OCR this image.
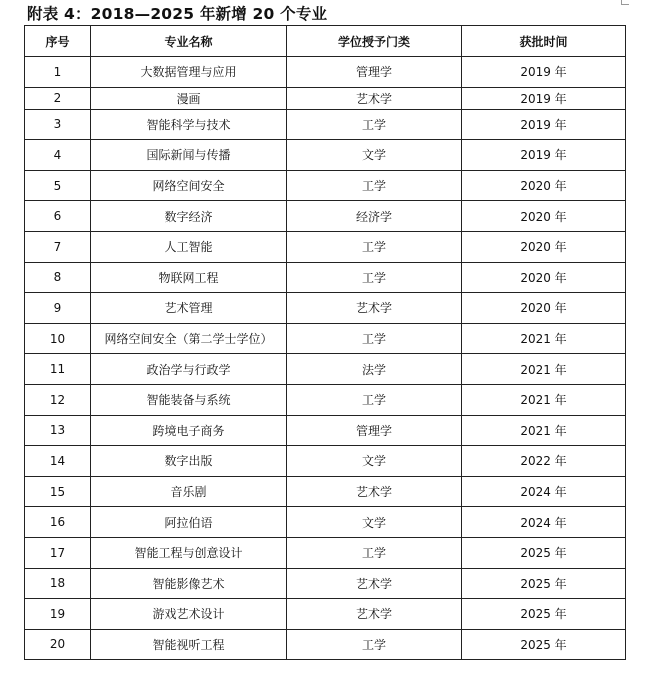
附表 4：2018—2025 年新增 20 个专业
序号	专业名称	学位授予门类	获批时间
1	大数据管理与应用	管理学	2019 年
2	漫画	艺术学	2019 年
3	智能科学与技术	工学	2019 年
4	国际新闻与传播	文学	2019 年
5	网络空间安全	工学	2020 年
6	数字经济	经济学	2020 年
7	人工智能	工学	2020 年
8	物联网工程	工学	2020 年
9	艺术管理	艺术学	2020 年
10	网络空间安全（第二学士学位）	工学	2021 年
11	政治学与行政学	法学	2021 年
12	智能装备与系统	工学	2021 年
13	跨境电子商务	管理学	2021 年
14	数字出版	文学	2022 年
15	音乐剧	艺术学	2024 年
16	阿拉伯语	文学	2024 年
17	智能工程与创意设计	工学	2025 年
18	智能影像艺术	艺术学	2025 年
19	游戏艺术设计	艺术学	2025 年
20	智能视听工程	工学	2025 年
